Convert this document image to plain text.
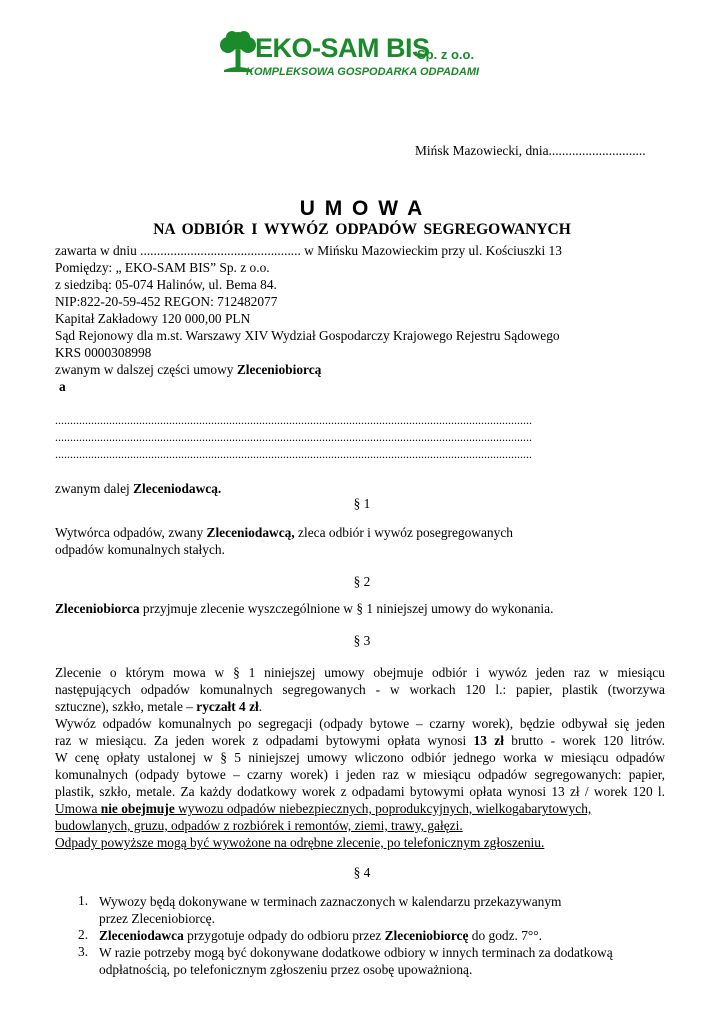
EKO-SAM BIS
Sp. z o.o.
KOMPLEKSOWA GOSPODARKA ODPADAMI
Mińsk Mazowiecki, dnia.............................
U M O W A
NA ODBIÓR I WYWÓZ ODPADÓW SEGREGOWANYCH
zawarta w dniu ................................................ w Mińsku Mazowieckim przy ul. Kościuszki 13
Pomiędzy: „ EKO-SAM BIS” Sp. z o.o.
z siedzibą: 05-074 Halinów, ul. Bema 84.
NIP:822-20-59-452 REGON: 712482077
Kapitał Zakładowy 120 000,00 PLN
Sąd Rejonowy dla m.st. Warszawy XIV Wydział Gospodarczy Krajowego Rejestru Sądowego
KRS 0000308998
zwanym w dalszej części umowy Zleceniobiorcą
a
...............................................................................................................................................................
...............................................................................................................................................................
...............................................................................................................................................................
zwanym dalej Zleceniodawcą.
§ 1
Wytwórca odpadów, zwany Zleceniodawcą, zleca odbiór i wywóz posegregowanych
odpadów komunalnych stałych.
§ 2
Zleceniobiorca przyjmuje zlecenie wyszczególnione w § 1 niniejszej umowy do wykonania.
§ 3
Zlecenie o którym mowa w § 1 niniejszej umowy obejmuje odbiór i wywóz jeden raz w miesiącu
następujących odpadów komunalnych segregowanych - w workach 120 l.: papier, plastik (tworzywa
sztuczne), szkło, metale – ryczałt 4 zł.
Wywóz odpadów komunalnych po segregacji (odpady bytowe – czarny worek), będzie odbywał się jeden
raz w miesiącu. Za jeden worek z odpadami bytowymi opłata wynosi 13 zł brutto - worek 120 litrów.
W cenę opłaty ustalonej w § 5 niniejszej umowy wliczono odbiór jednego worka w miesiącu odpadów
komunalnych (odpady bytowe – czarny worek) i jeden raz w miesiącu odpadów segregowanych: papier,
plastik, szkło, metale. Za każdy dodatkowy worek z odpadami bytowymi opłata wynosi 13 zł / worek 120 l.
Umowa nie obejmuje wywozu odpadów niebezpiecznych, poprodukcyjnych, wielkogabarytowych,
budowlanych, gruzu, odpadów z rozbiórek i remontów, ziemi, trawy, gałęzi.
Odpady powyższe mogą być wywożone na odrębne zlecenie, po telefonicznym zgłoszeniu.
§ 4
1. Wywozy będą dokonywane w terminach zaznaczonych w kalendarzu przekazywanym
przez Zleceniobiorcę.
2. Zleceniodawca przygotuje odpady do odbioru przez Zleceniobiorcę do godz. 7°°.
3. W razie potrzeby mogą być dokonywane dodatkowe odbiory w innych terminach za dodatkową
odpłatnością, po telefonicznym zgłoszeniu przez osobę upoważnioną.
